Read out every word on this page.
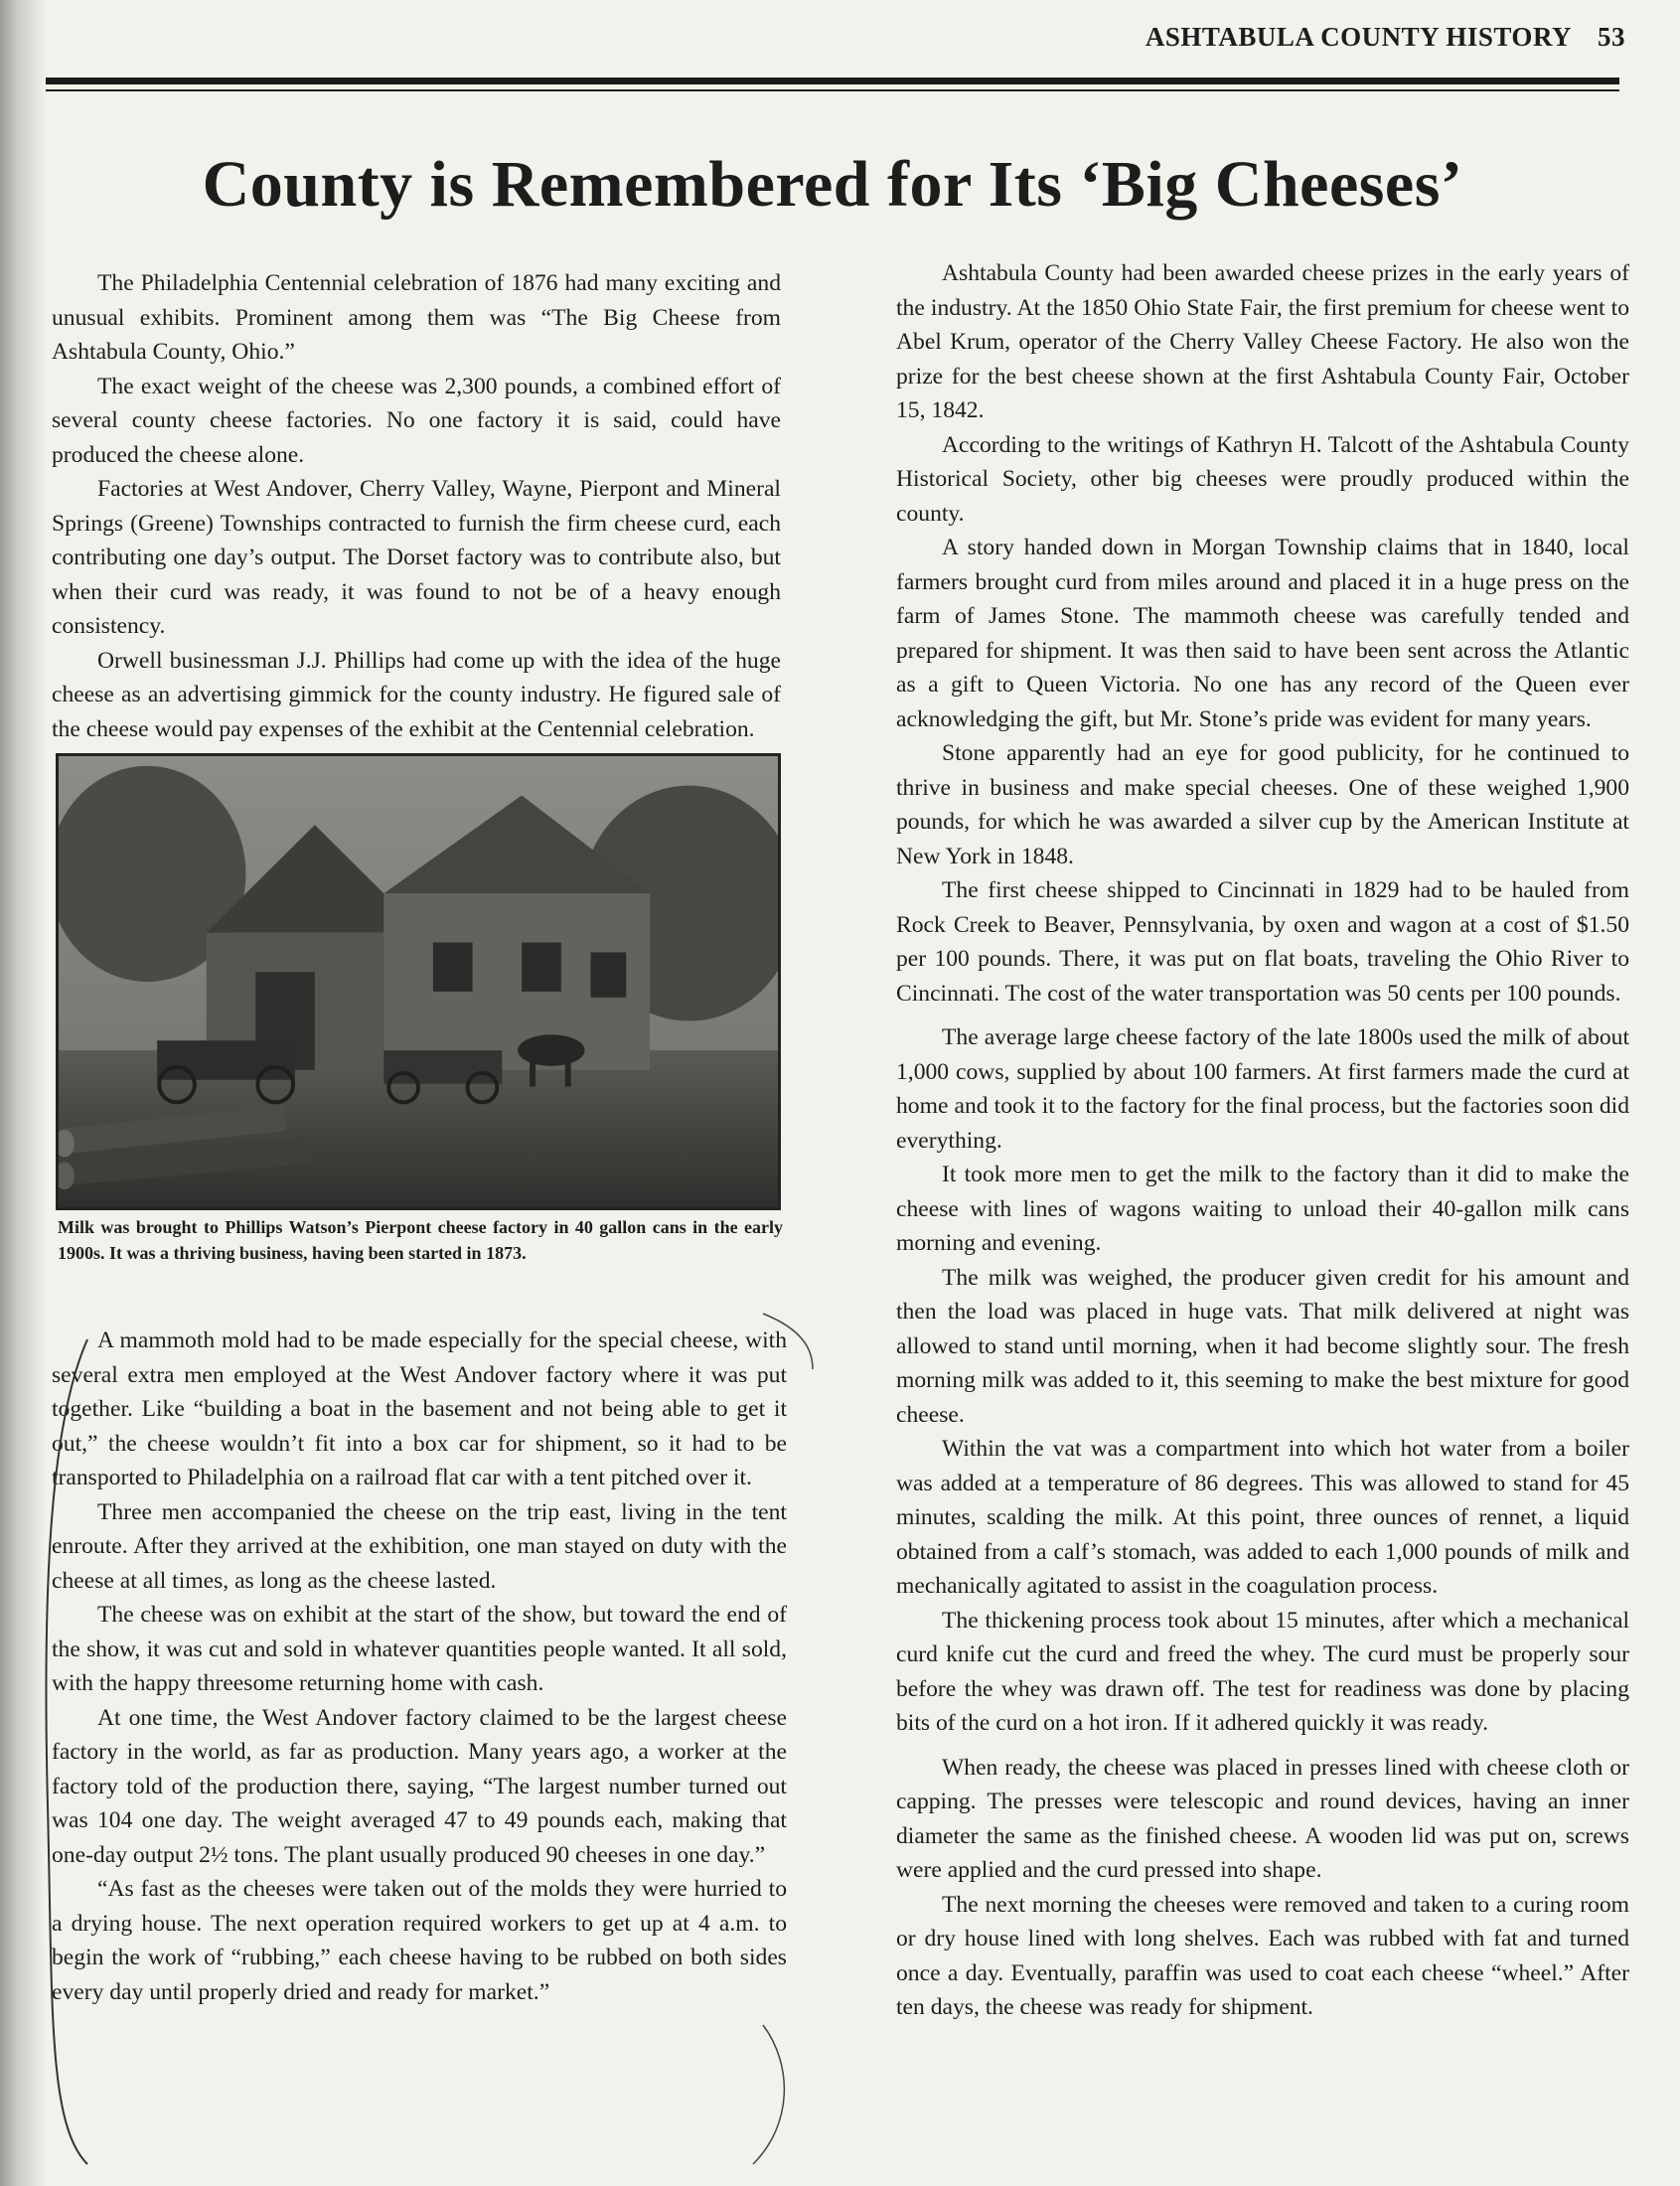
ASHTABULA COUNTY HISTORY 53
County is Remembered for Its ‘Big Cheeses’

The Philadelphia Centennial celebration of 1876 had many exciting and unusual exhibits. Prominent among them was “The Big Cheese from Ashtabula County, Ohio.”

The exact weight of the cheese was 2,300 pounds, a combined effort of several county cheese factories. No one factory it is said, could have produced the cheese alone.

Factories at West Andover, Cherry Valley, Wayne, Pierpont and Mineral Springs (Greene) Townships contracted to furnish the firm cheese curd, each contributing one day’s output. The Dorset factory was to contribute also, but when their curd was ready, it was found to not be of a heavy enough consistency.

Orwell businessman J.J. Phillips had come up with the idea of the huge cheese as an advertising gimmick for the county industry. He figured sale of the cheese would pay expenses of the exhibit at the Centennial celebration.

Milk was brought to Phillips Watson’s Pierpont cheese factory in 40 gallon cans in the early 1900s. It was a thriving business, having been started in 1873.

A mammoth mold had to be made especially for the special cheese, with several extra men employed at the West Andover factory where it was put together. Like “building a boat in the basement and not being able to get it out,” the cheese wouldn’t fit into a box car for shipment, so it had to be transported to Philadelphia on a railroad flat car with a tent pitched over it.

Three men accompanied the cheese on the trip east, living in the tent enroute. After they arrived at the exhibition, one man stayed on duty with the cheese at all times, as long as the cheese lasted.

The cheese was on exhibit at the start of the show, but toward the end of the show, it was cut and sold in whatever quantities people wanted. It all sold, with the happy threesome returning home with cash.

At one time, the West Andover factory claimed to be the largest cheese factory in the world, as far as production. Many years ago, a worker at the factory told of the production there, saying, “The largest number turned out was 104 one day. The weight averaged 47 to 49 pounds each, making that one-day output 2½ tons. The plant usually produced 90 cheeses in one day.”

“As fast as the cheeses were taken out of the molds they were hurried to a drying house. The next operation required workers to get up at 4 a.m. to begin the work of “rubbing,” each cheese having to be rubbed on both sides every day until properly dried and ready for market.”

Ashtabula County had been awarded cheese prizes in the early years of the industry. At the 1850 Ohio State Fair, the first premium for cheese went to Abel Krum, operator of the Cherry Valley Cheese Factory. He also won the prize for the best cheese shown at the first Ashtabula County Fair, October 15, 1842.

According to the writings of Kathryn H. Talcott of the Ashtabula County Historical Society, other big cheeses were proudly produced within the county.

A story handed down in Morgan Township claims that in 1840, local farmers brought curd from miles around and placed it in a huge press on the farm of James Stone. The mammoth cheese was carefully tended and prepared for shipment. It was then said to have been sent across the Atlantic as a gift to Queen Victoria. No one has any record of the Queen ever acknowledging the gift, but Mr. Stone’s pride was evident for many years.

Stone apparently had an eye for good publicity, for he continued to thrive in business and make special cheeses. One of these weighed 1,900 pounds, for which he was awarded a silver cup by the American Institute at New York in 1848.

The first cheese shipped to Cincinnati in 1829 had to be hauled from Rock Creek to Beaver, Pennsylvania, by oxen and wagon at a cost of $1.50 per 100 pounds. There, it was put on flat boats, traveling the Ohio River to Cincinnati. The cost of the water transportation was 50 cents per 100 pounds.

The average large cheese factory of the late 1800s used the milk of about 1,000 cows, supplied by about 100 farmers. At first farmers made the curd at home and took it to the factory for the final process, but the factories soon did everything.

It took more men to get the milk to the factory than it did to make the cheese with lines of wagons waiting to unload their 40-gallon milk cans morning and evening.

The milk was weighed, the producer given credit for his amount and then the load was placed in huge vats. That milk delivered at night was allowed to stand until morning, when it had become slightly sour. The fresh morning milk was added to it, this seeming to make the best mixture for good cheese.

Within the vat was a compartment into which hot water from a boiler was added at a temperature of 86 degrees. This was allowed to stand for 45 minutes, scalding the milk. At this point, three ounces of rennet, a liquid obtained from a calf’s stomach, was added to each 1,000 pounds of milk and mechanically agitated to assist in the coagulation process.

The thickening process took about 15 minutes, after which a mechanical curd knife cut the curd and freed the whey. The curd must be properly sour before the whey was drawn off. The test for readiness was done by placing bits of the curd on a hot iron. If it adhered quickly it was ready.

When ready, the cheese was placed in presses lined with cheese cloth or capping. The presses were telescopic and round devices, having an inner diameter the same as the finished cheese. A wooden lid was put on, screws were applied and the curd pressed into shape.

The next morning the cheeses were removed and taken to a curing room or dry house lined with long shelves. Each was rubbed with fat and turned once a day. Eventually, paraffin was used to coat each cheese “wheel.” After ten days, the cheese was ready for shipment.
